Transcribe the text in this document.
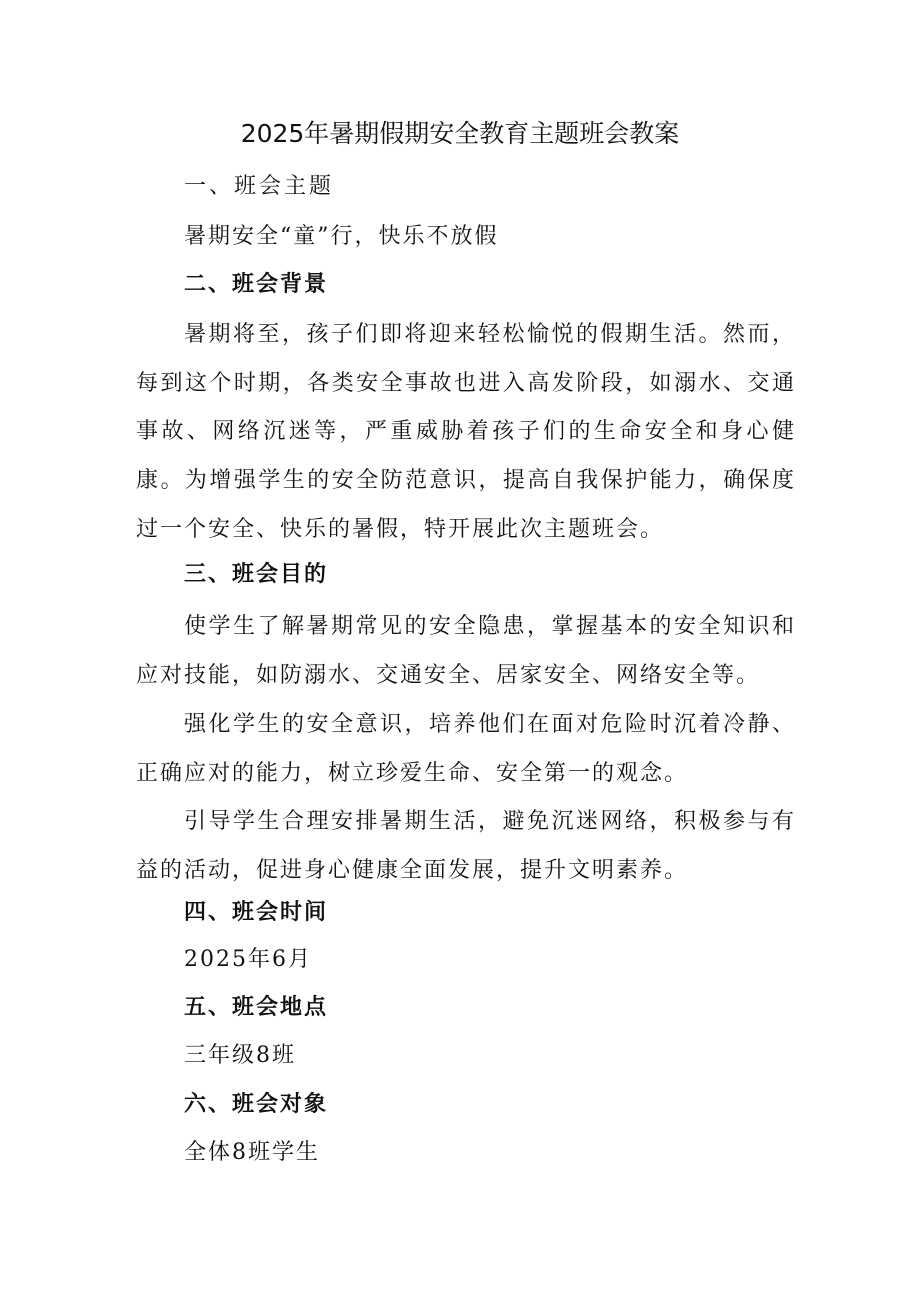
2025年暑期假期安全教育主题班会教案
一、班会主题
暑期安全“童”行，快乐不放假
二、班会背景
暑期将至，孩子们即将迎来轻松愉悦的假期生活。然而，每到这个时期，各类安全事故也进入高发阶段，如溺水、交通事故、网络沉迷等，严重威胁着孩子们的生命安全和身心健康。为增强学生的安全防范意识，提高自我保护能力，确保度过一个安全、快乐的暑假，特开展此次主题班会。
三、班会目的
使学生了解暑期常见的安全隐患，掌握基本的安全知识和应对技能，如防溺水、交通安全、居家安全、网络安全等。
强化学生的安全意识，培养他们在面对危险时沉着冷静、正确应对的能力，树立珍爱生命、安全第一的观念。
引导学生合理安排暑期生活，避免沉迷网络，积极参与有益的活动，促进身心健康全面发展，提升文明素养。
四、班会时间
2025年6月
五、班会地点
三年级8班
六、班会对象
全体8班学生
